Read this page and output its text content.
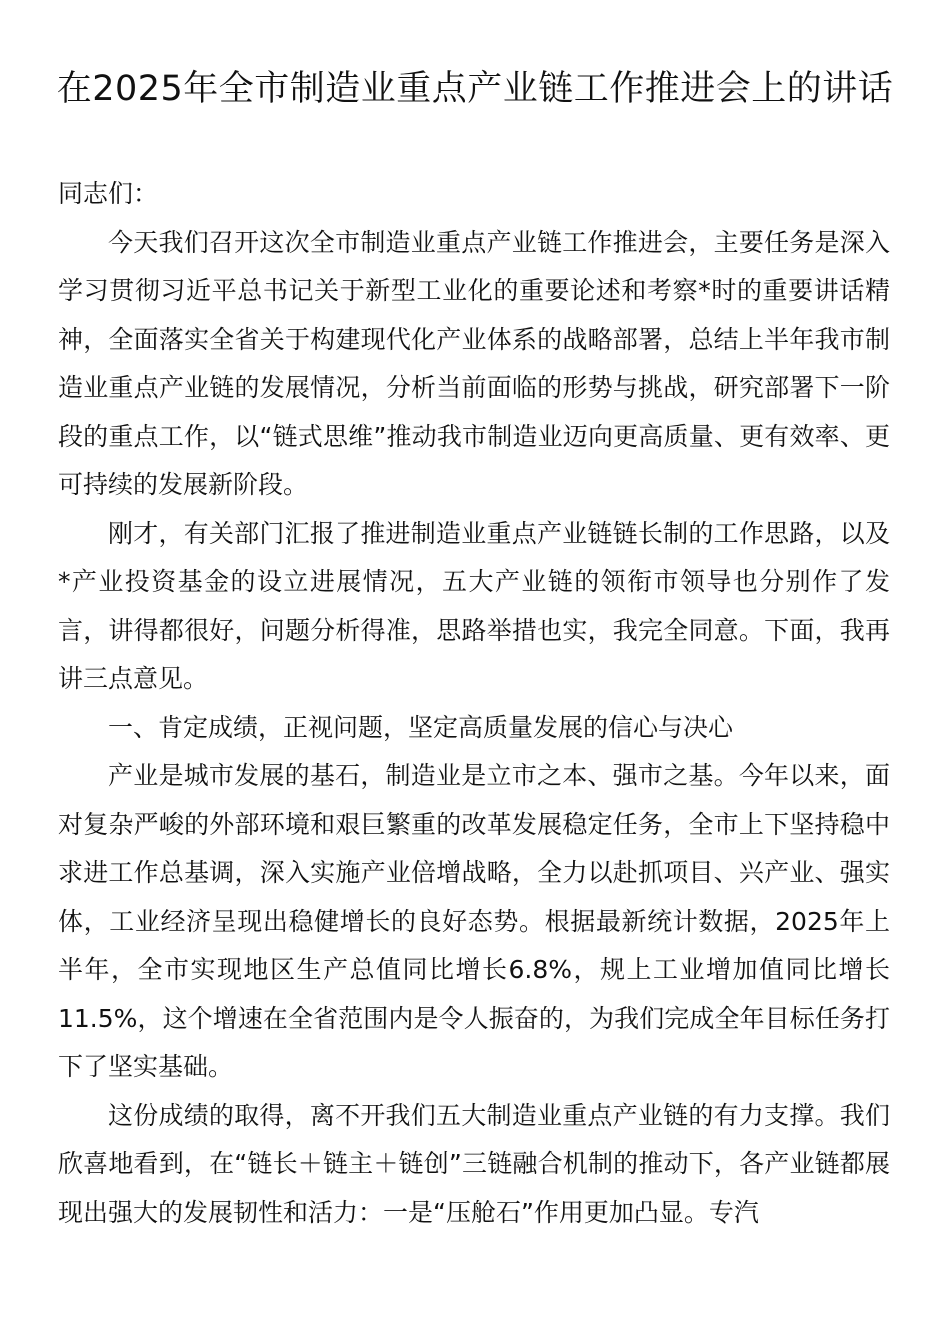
在2025年全市制造业重点产业链工作推进会上的讲话

同志们：

今天我们召开这次全市制造业重点产业链工作推进会，主要任务是深入学习贯彻习近平总书记关于新型工业化的重要论述和考察*时的重要讲话精神，全面落实全省关于构建现代化产业体系的战略部署，总结上半年我市制造业重点产业链的发展情况，分析当前面临的形势与挑战，研究部署下一阶段的重点工作，以“链式思维”推动我市制造业迈向更高质量、更有效率、更可持续的发展新阶段。

刚才，有关部门汇报了推进制造业重点产业链链长制的工作思路，以及*产业投资基金的设立进展情况，五大产业链的领衔市领导也分别作了发言，讲得都很好，问题分析得准，思路举措也实，我完全同意。下面，我再讲三点意见。

一、肯定成绩，正视问题，坚定高质量发展的信心与决心

产业是城市发展的基石，制造业是立市之本、强市之基。今年以来，面对复杂严峻的外部环境和艰巨繁重的改革发展稳定任务，全市上下坚持稳中求进工作总基调，深入实施产业倍增战略，全力以赴抓项目、兴产业、强实体，工业经济呈现出稳健增长的良好态势。根据最新统计数据，2025年上半年，全市实现地区生产总值同比增长6.8%，规上工业增加值同比增长11.5%，这个增速在全省范围内是令人振奋的，为我们完成全年目标任务打下了坚实基础。

这份成绩的取得，离不开我们五大制造业重点产业链的有力支撑。我们欣喜地看到，在“链长＋链主＋链创”三链融合机制的推动下，各产业链都展现出强大的发展韧性和活力：一是“压舱石”作用更加凸显。专汽
